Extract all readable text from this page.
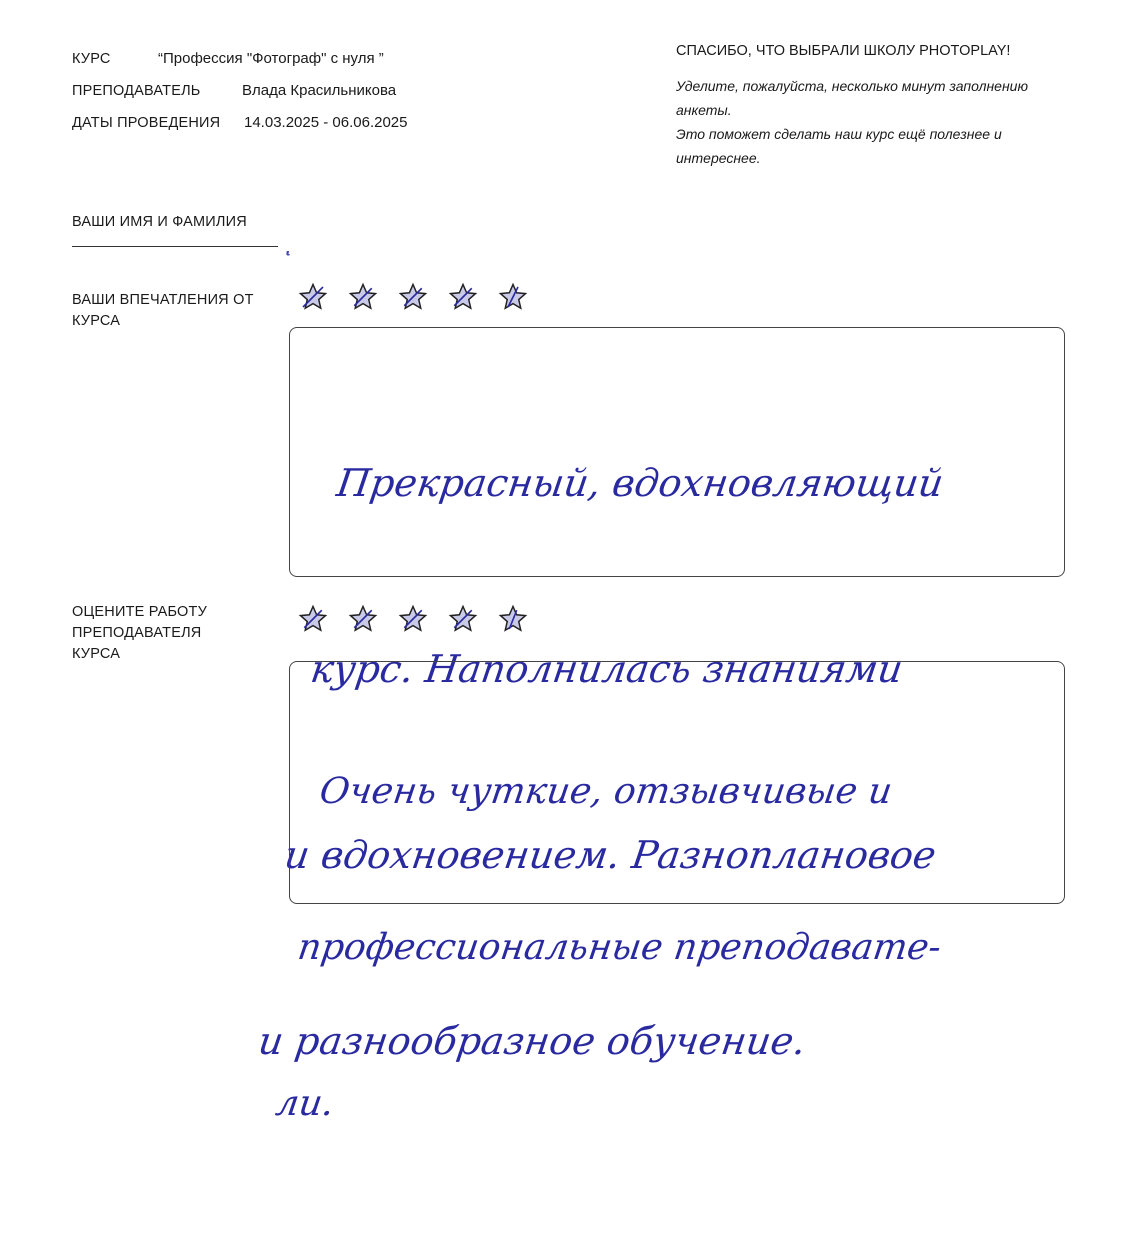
КУРС	“Профессия "Фотограф" с нуля ”
ПРЕПОДАВАТЕЛЬ	Влада Красильникова
ДАТЫ ПРОВЕДЕНИЯ 14.03.2025 - 06.06.2025
СПАСИБО, ЧТО ВЫБРАЛИ ШКОЛУ PHOTOPLAY!
Уделите, пожалуйста, несколько минут заполнению
анкеты.
Это поможет сделать наш курс ещё полезнее и
интереснее.
ВАШИ ИМЯ И ФАМИЛИЯ ͺ
ВАШИ ВПЕЧАТЛЕНИЯ ОТ
КУРСА

Прекрасный, вдохновляющий

курс. Наполнилась знаниями

и вдохновением. Разноплановое

и разнообразное обучение.

ОЦЕНИТЕ РАБОТУ
ПРЕПОДАВАТЕЛЯ
КУРСА

Очень чуткие, отзывчивые и

профессиональные преподавате-

ли.
